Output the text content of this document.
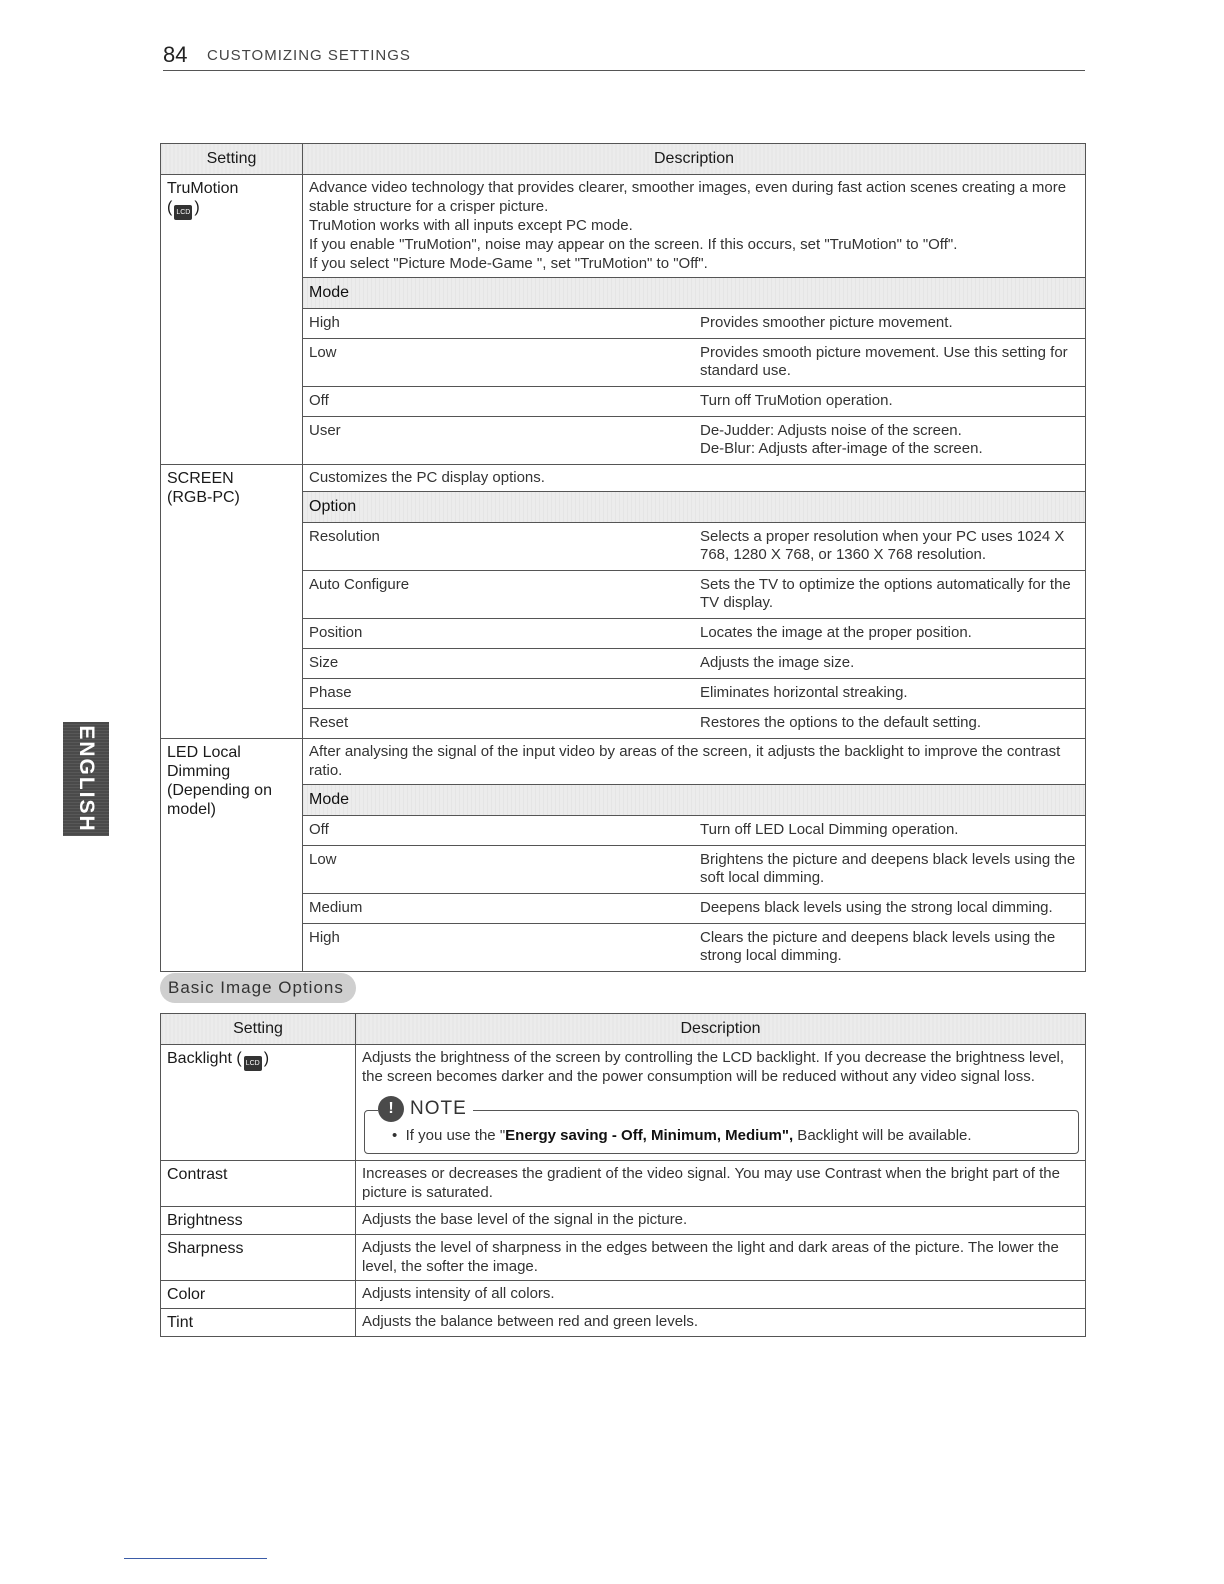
84 CUSTOMIZING SETTINGS
ENGLISH
Setting	Description

TruMotion
( LCD )

Advance video technology that provides clearer, smoother images, even during fast action scenes creating a more stable structure for a crisper picture.
TruMotion works with all inputs except PC mode.
If you enable "TruMotion", noise may appear on the screen. If this occurs, set "TruMotion" to "Off".
If you select "Picture Mode-Game ", set "TruMotion" to "Off".
Mode
High	Provides smoother picture movement.
Low	Provides smooth picture movement. Use this setting for standard use.
Off	Turn off TruMotion operation.
User	De-Judder: Adjusts noise of the screen.
De-Blur: Adjusts after-image of the screen.

SCREEN
(RGB-PC)

Customizes the PC display options.
Option
Resolution	Selects a proper resolution when your PC uses 1024 X 768, 1280 X 768, or 1360 X 768 resolution.
Auto Configure	Sets the TV to optimize the options automatically for the TV display.
Position	Locates the image at the proper position.
Size	Adjusts the image size.
Phase	Eliminates horizontal streaking.
Reset	Restores the options to the default setting.

LED Local Dimming (Depending on model)

After analysing the signal of the input video by areas of the screen, it adjusts the backlight to improve the contrast ratio.
Mode
Off	Turn off LED Local Dimming operation.
Low	Brightens the picture and deepens black levels using the soft local dimming.
Medium	Deepens black levels using the strong local dimming.
High	Clears the picture and deepens black levels using the strong local dimming.
Basic Image Options
Setting	Description
Backlight ( LCD )	Adjusts the brightness of the screen by controlling the LCD backlight. If you decrease the brightness level, the screen becomes darker and the power consumption will be reduced without any video signal loss.
! NOTE
•  If you use the "Energy saving - Off, Minimum, Medium", Backlight will be available.

Contrast	Increases or decreases the gradient of the video signal. You may use Contrast when the bright part of the picture is saturated.

Brightness	Adjusts the base level of the signal in the picture.

Sharpness	Adjusts the level of sharpness in the edges between the light and dark areas of the picture. The lower the level, the softer the image.

Color	Adjusts intensity of all colors.

Tint	Adjusts the balance between red and green levels.
